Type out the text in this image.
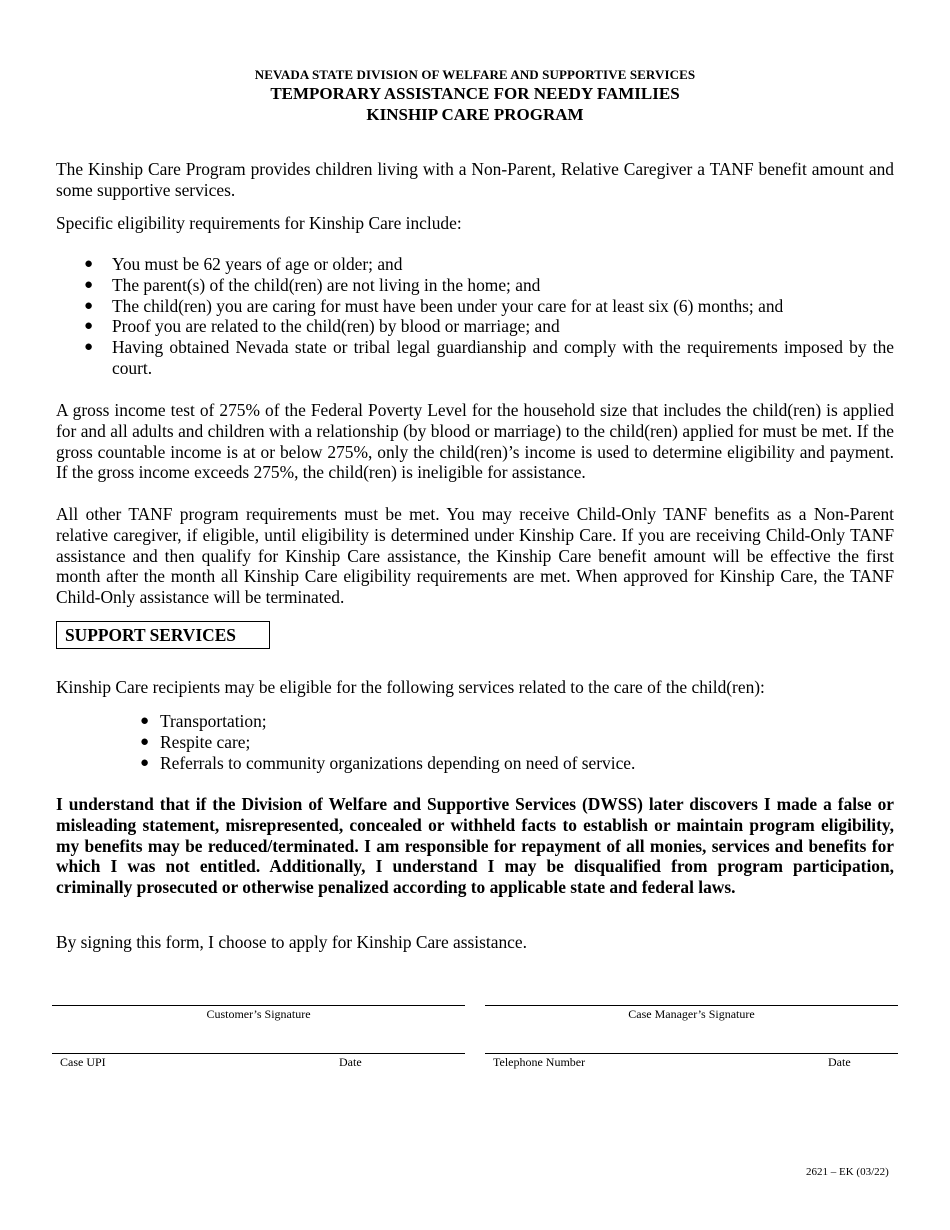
NEVADA STATE DIVISION OF WELFARE AND SUPPORTIVE SERVICES
TEMPORARY ASSISTANCE FOR NEEDY FAMILIES
KINSHIP CARE PROGRAM

The Kinship Care Program provides children living with a Non-Parent, Relative Caregiver a TANF benefit amount and some supportive services.

Specific eligibility requirements for Kinship Care include:

● You must be 62 years of age or older; and
● The parent(s) of the child(ren) are not living in the home; and
● The child(ren) you are caring for must have been under your care for at least six (6) months; and
● Proof you are related to the child(ren) by blood or marriage; and
● Having obtained Nevada state or tribal legal guardianship and comply with the requirements imposed by the court.

A gross income test of 275% of the Federal Poverty Level for the household size that includes the child(ren) is applied for and all adults and children with a relationship (by blood or marriage) to the child(ren) applied for must be met. If the gross countable income is at or below 275%, only the child(ren)’s income is used to determine eligibility and payment. If the gross income exceeds 275%, the child(ren) is ineligible for assistance.

All other TANF program requirements must be met. You may receive Child-Only TANF benefits as a Non-Parent relative caregiver, if eligible, until eligibility is determined under Kinship Care. If you are receiving Child-Only TANF assistance and then qualify for Kinship Care assistance, the Kinship Care benefit amount will be effective the first month after the month all Kinship Care eligibility requirements are met. When approved for Kinship Care, the TANF Child-Only assistance will be terminated.

SUPPORT SERVICES

Kinship Care recipients may be eligible for the following services related to the care of the child(ren):

● Transportation;
● Respite care;
● Referrals to community organizations depending on need of service.

I understand that if the Division of Welfare and Supportive Services (DWSS) later discovers I made a false or misleading statement, misrepresented, concealed or withheld facts to establish or maintain program eligibility, my benefits may be reduced/terminated. I am responsible for repayment of all monies, services and benefits for which I was not entitled. Additionally, I understand I may be disqualified from program participation, criminally prosecuted or otherwise penalized according to applicable state and federal laws.

By signing this form, I choose to apply for Kinship Care assistance.

Customer’s Signature	Case Manager’s Signature
Case UPI	Date	Telephone Number	Date
2621 – EK (03/22)
